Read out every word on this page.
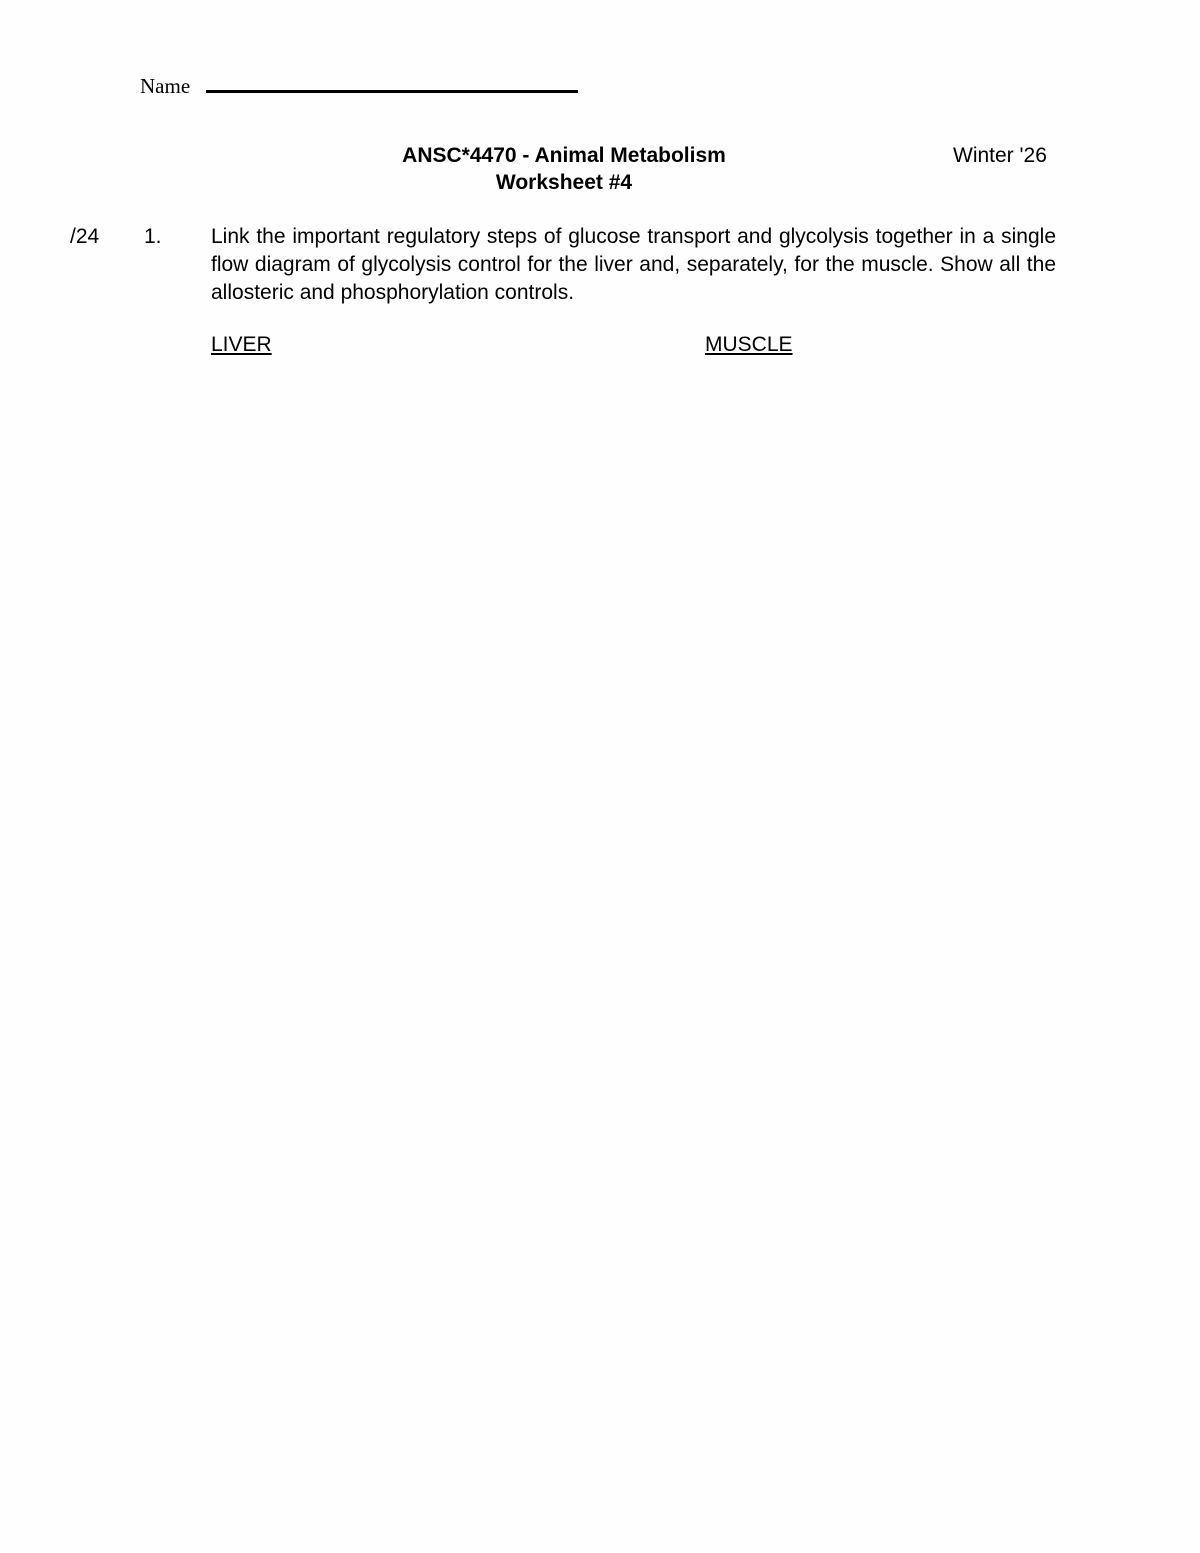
Name
ANSC*4470 - Animal Metabolism
Worksheet #4
Winter '26
/24 1. Link the important regulatory steps of glucose transport and glycolysis together in a single flow diagram of glycolysis control for the liver and, separately, for the muscle. Show all the allosteric and phosphorylation controls.
LIVER	MUSCLE
